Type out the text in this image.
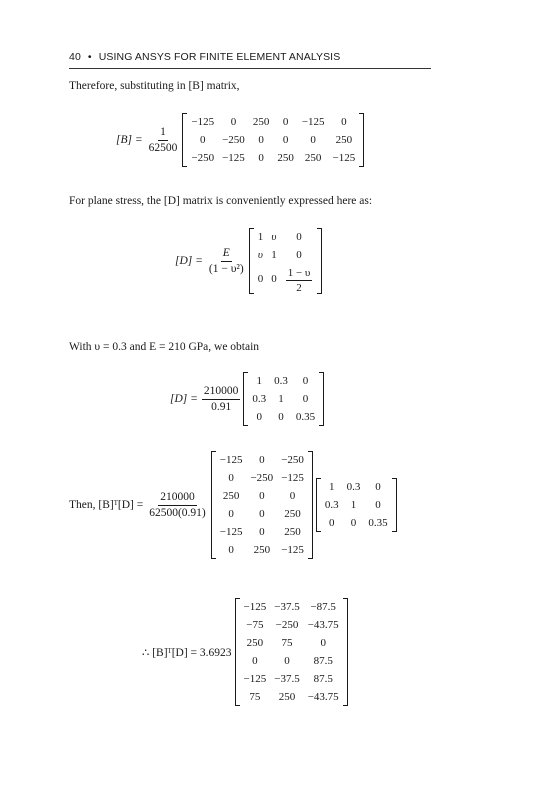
40 • USING ANSYS FOR FINITE ELEMENT ANALYSIS
Therefore, substituting in [B] matrix,
$[B] = \frac{1}{62500}$
−125	0	250	0	−125	0
0	−250	0	0	0	250
−250	−125	0	250	250	−125
For plane stress, the [D] matrix is conveniently expressed here as:
$[D] = \frac{E}{\text{(1 − υ²)}}$
1	υ	0
υ	1	0
0	0	$\frac{1 - \upsilon}{2}$
With υ = 0.3 and E = 210 GPa, we obtain
$[D] = \frac{210000}{0.91}$
1	0.3	0
0.3	1	0
0	0	0.35
Then, [B]ᵀ[D] = $\frac{210000}{62500(0.91)}$
−125	0	−250
0	−250	−125
250	0	0
0	0	250
−125	0	250
0	250	−125
1	0.3	0
0.3	1	0
0	0	0.35
∴ [B]ᵀ[D] = 3.6923
−125	−37.5	−87.5
−75	−250	−43.75
250	75	0
0	0	87.5
−125	−37.5	87.5
75	250	−43.75
